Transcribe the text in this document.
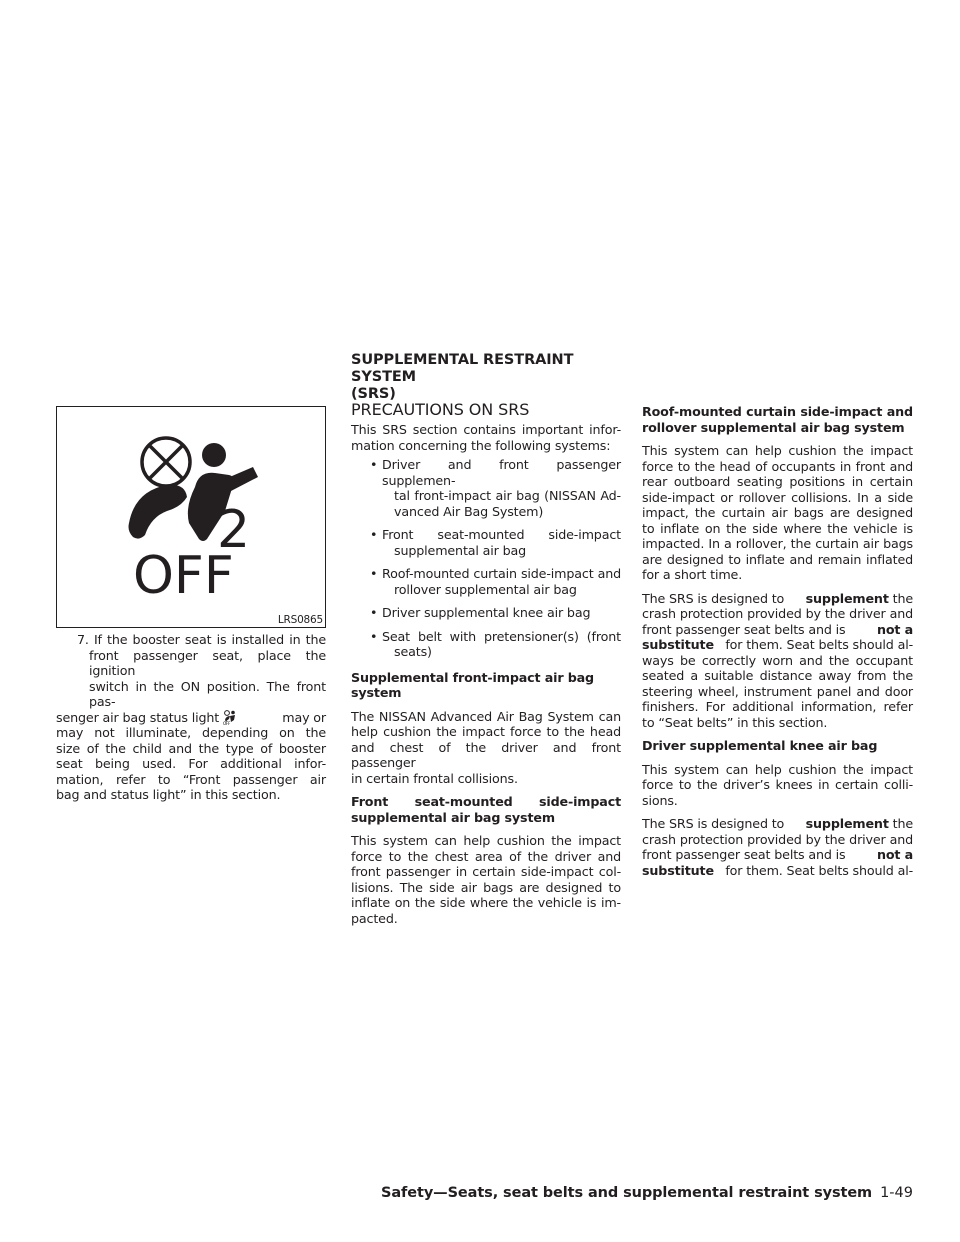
SUPPLEMENTAL RESTRAINT SYSTEM
(SRS)
2
OFF
LRS0865
7. If the booster seat is installed in the
front passenger seat, place the ignition
switch in the ON position. The front pas-
senger air bag status light OFF	may or
may not illuminate, depending on the
size of the child and the type of booster
seat being used. For additional infor-
mation, refer to “Front passenger air
bag and status light” in this section.
PRECAUTIONS ON SRS
This SRS section contains important infor-
mation concerning the following systems:
• Driver and front passenger supplemen-
tal front-impact air bag (NISSAN Ad-
vanced Air Bag System)
• Front seat-mounted side-impact
supplemental air bag
• Roof-mounted curtain side-impact and
rollover supplemental air bag
• Driver supplemental knee air bag
• Seat belt with pretensioner(s) (front
seats)
Supplemental front-impact air bag system
The NISSAN Advanced Air Bag System can
help cushion the impact force to the head
and chest of the driver and front passenger
in certain frontal collisions.
Front seat-mounted side-impact
supplemental air bag system
This system can help cushion the impact
force to the chest area of the driver and
front passenger in certain side-impact col-
lisions. The side air bags are designed to
inflate on the side where the vehicle is im-
pacted.
Roof-mounted curtain side-impact and
rollover supplemental air bag system
This system can help cushion the impact
force to the head of occupants in front and
rear outboard seating positions in certain
side-impact or rollover collisions. In a side
impact, the curtain air bags are designed
to inflate on the side where the vehicle is
impacted. In a rollover, the curtain air bags
are designed to inflate and remain inflated
for a short time.
The SRS is designed to supplement the
crash protection provided by the driver and
front passenger seat belts and is not a
substitute for them. Seat belts should al-
ways be correctly worn and the occupant
seated a suitable distance away from the
steering wheel, instrument panel and door
finishers. For additional information, refer
to “Seat belts” in this section.
Driver supplemental knee air bag
This system can help cushion the impact
force to the driver’s knees in certain colli-
sions.
The SRS is designed to supplement the
crash protection provided by the driver and
front passenger seat belts and is not a
substitute for them. Seat belts should al-
Safety—Seats, seat belts and supplemental restraint system 1-49
